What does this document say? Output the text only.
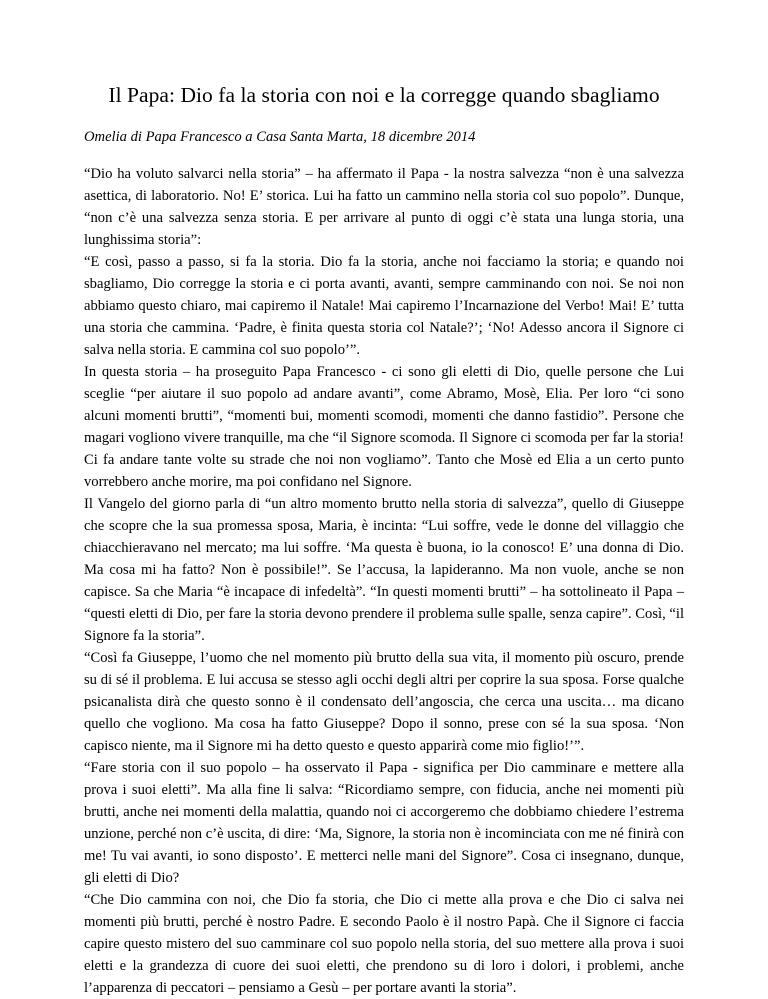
Il Papa: Dio fa la storia con noi e la corregge quando sbagliamo

Omelia di Papa Francesco a Casa Santa Marta, 18 dicembre 2014

“Dio ha voluto salvarci nella storia” – ha affermato il Papa - la nostra salvezza “non è una salvezza asettica, di laboratorio. No! E’ storica. Lui ha fatto un cammino nella storia col suo popolo”. Dunque, “non c’è una salvezza senza storia. E per arrivare al punto di oggi c’è stata una lunga storia, una lunghissima storia”:

“E così, passo a passo, si fa la storia. Dio fa la storia, anche noi facciamo la storia; e quando noi sbagliamo, Dio corregge la storia e ci porta avanti, avanti, sempre camminando con noi. Se noi non abbiamo questo chiaro, mai capiremo il Natale! Mai capiremo l’Incarnazione del Verbo! Mai! E’ tutta una storia che cammina. ‘Padre, è finita questa storia col Natale?’; ‘No! Adesso ancora il Signore ci salva nella storia. E cammina col suo popolo’”.

In questa storia – ha proseguito Papa Francesco - ci sono gli eletti di Dio, quelle persone che Lui sceglie “per aiutare il suo popolo ad andare avanti”, come Abramo, Mosè, Elia. Per loro “ci sono alcuni momenti brutti”, “momenti bui, momenti scomodi, momenti che danno fastidio”. Persone che magari vogliono vivere tranquille, ma che “il Signore scomoda. Il Signore ci scomoda per far la storia! Ci fa andare tante volte su strade che noi non vogliamo”. Tanto che Mosè ed Elia a un certo punto vorrebbero anche morire, ma poi confidano nel Signore.

Il Vangelo del giorno parla di “un altro momento brutto nella storia di salvezza”, quello di Giuseppe che scopre che la sua promessa sposa, Maria, è incinta: “Lui soffre, vede le donne del villaggio che chiacchieravano nel mercato; ma lui soffre. ‘Ma questa è buona, io la conosco! E’ una donna di Dio. Ma cosa mi ha fatto? Non è possibile!”. Se l’accusa, la lapideranno. Ma non vuole, anche se non capisce. Sa che Maria “è incapace di infedeltà”. “In questi momenti brutti” – ha sottolineato il Papa – “questi eletti di Dio, per fare la storia devono prendere il problema sulle spalle, senza capire”. Così, “il Signore fa la storia”.

“Così fa Giuseppe, l’uomo che nel momento più brutto della sua vita, il momento più oscuro, prende su di sé il problema. E lui accusa se stesso agli occhi degli altri per coprire la sua sposa. Forse qualche psicanalista dirà che questo sonno è il condensato dell’angoscia, che cerca una uscita… ma dicano quello che vogliono. Ma cosa ha fatto Giuseppe? Dopo il sonno, prese con sé la sua sposa. ‘Non capisco niente, ma il Signore mi ha detto questo e questo apparirà come mio figlio!’”.

“Fare storia con il suo popolo – ha osservato il Papa - significa per Dio camminare e mettere alla prova i suoi eletti”. Ma alla fine li salva: “Ricordiamo sempre, con fiducia, anche nei momenti più brutti, anche nei momenti della malattia, quando noi ci accorgeremo che dobbiamo chiedere l’estrema unzione, perché non c’è uscita, di dire: ‘Ma, Signore, la storia non è incominciata con me né finirà con me! Tu vai avanti, io sono disposto’. E metterci nelle mani del Signore”. Cosa ci insegnano, dunque, gli eletti di Dio?

“Che Dio cammina con noi, che Dio fa storia, che Dio ci mette alla prova e che Dio ci salva nei momenti più brutti, perché è nostro Padre. E secondo Paolo è il nostro Papà. Che il Signore ci faccia capire questo mistero del suo camminare col suo popolo nella storia, del suo mettere alla prova i suoi eletti e la grandezza di cuore dei suoi eletti, che prendono su di loro i dolori, i problemi, anche l’apparenza di peccatori – pensiamo a Gesù – per portare avanti la storia”.
